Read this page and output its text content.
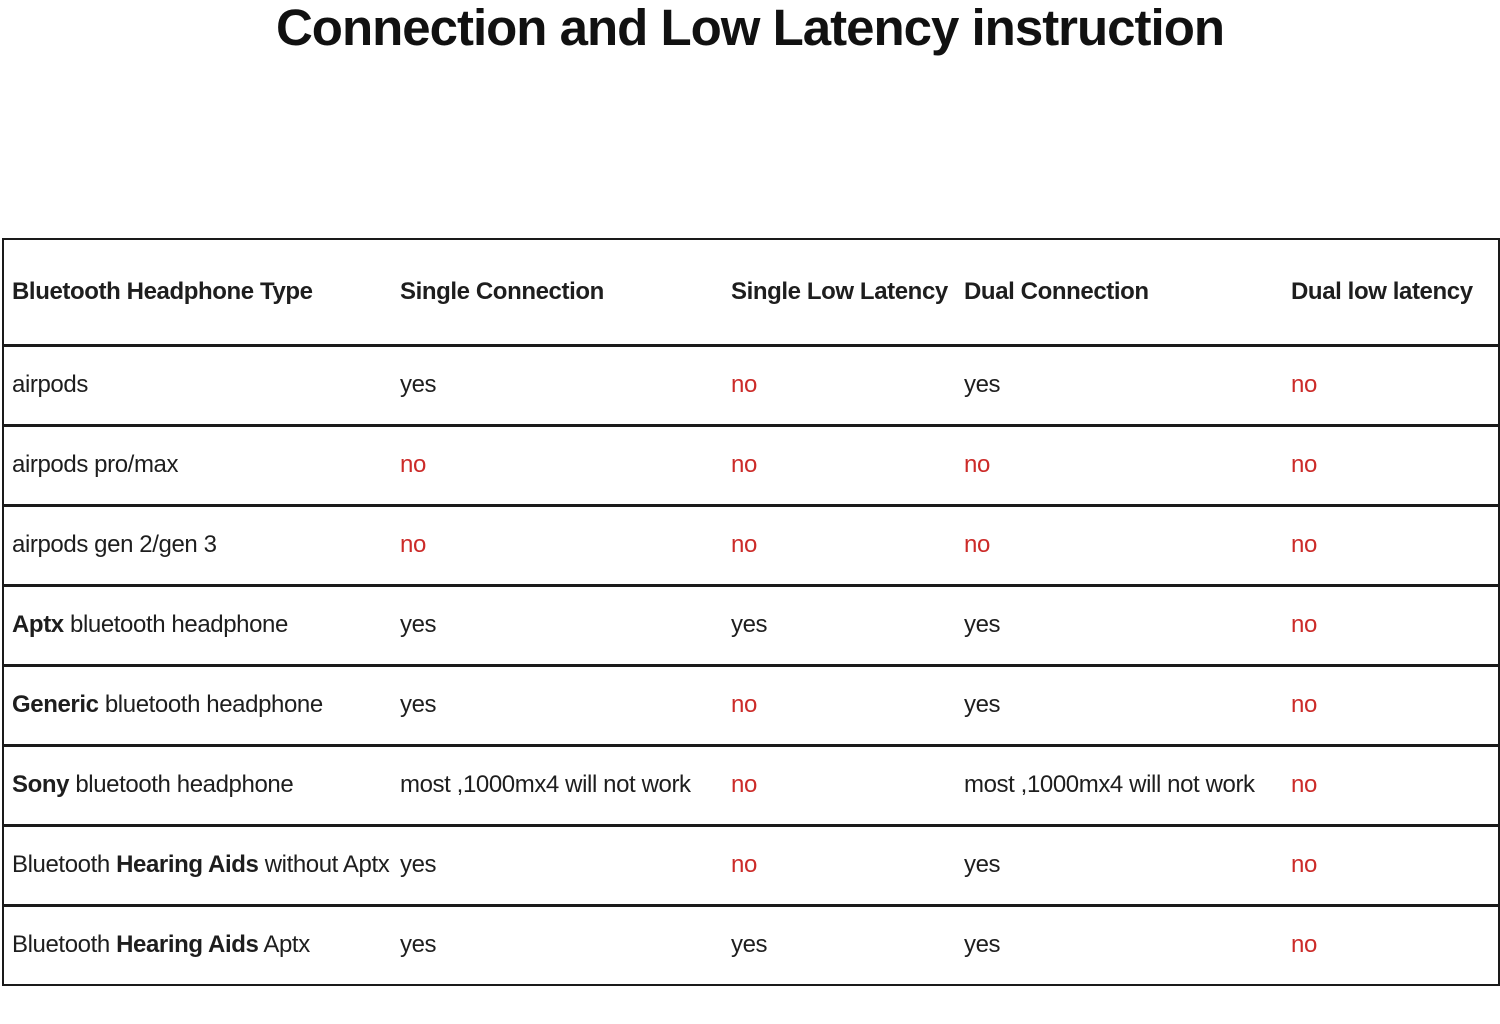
Connection and Low Latency instruction
Bluetooth Headphone Type	Single Connection	Single Low Latency	Dual Connection	Dual low latency
airpods	yes	no	yes	no
airpods pro/max	no	no	no	no
airpods gen 2/gen 3	no	no	no	no
Aptx bluetooth headphone	yes	yes	yes	no
Generic bluetooth headphone	yes	no	yes	no
Sony bluetooth headphone	most ,1000mx4 will not work	no	most ,1000mx4 will not work	no
Bluetooth Hearing Aids without Aptx	yes	no	yes	no
Bluetooth Hearing Aids Aptx	yes	yes	yes	no
